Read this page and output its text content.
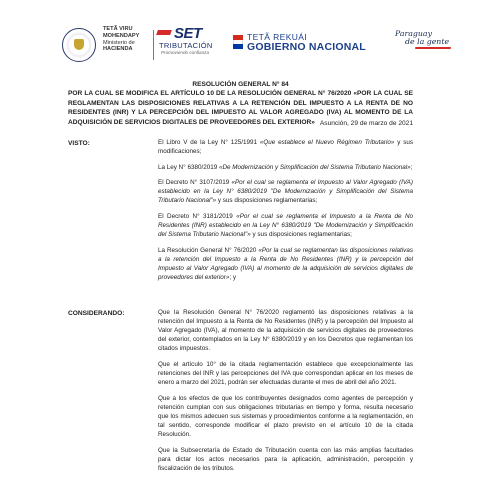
TETÃ VIRU
MOHENDAPY
Ministerio de
HACIENDA
SET
TRIBUTACIÓN
Promoviendo confianza
TETÃ REKUÁI
GOBIERNO NACIONAL
Paraguay
de la gente
RESOLUCIÓN GENERAL N° 84
POR LA CUAL SE MODIFICA EL ARTÍCULO 10 DE LA RESOLUCIÓN GENERAL N° 76/2020 «POR LA CUAL SE REGLAMENTAN LAS DISPOSICIONES RELATIVAS A LA RETENCIÓN DEL IMPUESTO A LA RENTA DE NO RESIDENTES (INR) Y LA PERCEPCIÓN DEL IMPUESTO AL VALOR AGREGADO (IVA) AL MOMENTO DE LA ADQUISICIÓN DE SERVICIOS DIGITALES DE PROVEEDORES DEL EXTERIOR» Asunción, 29 de marzo de 2021
VISTO:	El Libro V de la Ley N° 125/1991 «Que establece el Nuevo Régimen Tributario» y sus modificaciones;

La Ley N° 6380/2019 «De Modernización y Simplificación del Sistema Tributario Nacional»;

El Decreto N° 3107/2019 «Por el cual se reglamenta el Impuesto al Valor Agregado (IVA) establecido en la Ley N° 6380/2019 "De Modernización y Simplificación del Sistema Tributario Nacional"» y sus disposiciones reglamentarias;

El Decreto N° 3181/2019 «Por el cual se reglamenta el Impuesto a la Renta de No Residentes (INR) establecido en la Ley N° 6380/2019 "De Modernización y Simplificación del Sistema Tributario Nacional"» y sus disposiciones reglamentarias;

La Resolución General N° 76/2020 «Por la cual se reglamentan las disposiciones relativas a la retención del Impuesto a la Renta de No Residentes (INR) y la percepción del Impuesto al Valor Agregado (IVA) al momento de la adquisición de servicios digitales de proveedores del exterior»; y

CONSIDERANDO:	Que la Resolución General N° 76/2020 reglamentó las disposiciones relativas a la retención del Impuesto a la Renta de No Residentes (INR) y la percepción del Impuesto al Valor Agregado (IVA), al momento de la adquisición de servicios digitales de proveedores del exterior, contemplados en la Ley N° 6380/2019 y en los Decretos que reglamentan los citados impuestos.

Que el artículo 10° de la citada reglamentación establece que excepcionalmente las retenciones del INR y las percepciones del IVA que correspondan aplicar en los meses de enero a marzo del 2021, podrán ser efectuadas durante el mes de abril del año 2021.

Que a los efectos de que los contribuyentes designados como agentes de percepción y retención cumplan con sus obligaciones tributarias en tiempo y forma, resulta necesario que los mismos adecuen sus sistemas y procedimientos conforme a la reglamentación, en tal sentido, corresponde modificar el plazo previsto en el artículo 10 de la citada Resolución.

Que la Subsecretaría de Estado de Tributación cuenta con las más amplias facultades para dictar los actos necesarios para la aplicación, administración, percepción y fiscalización de los tributos.
